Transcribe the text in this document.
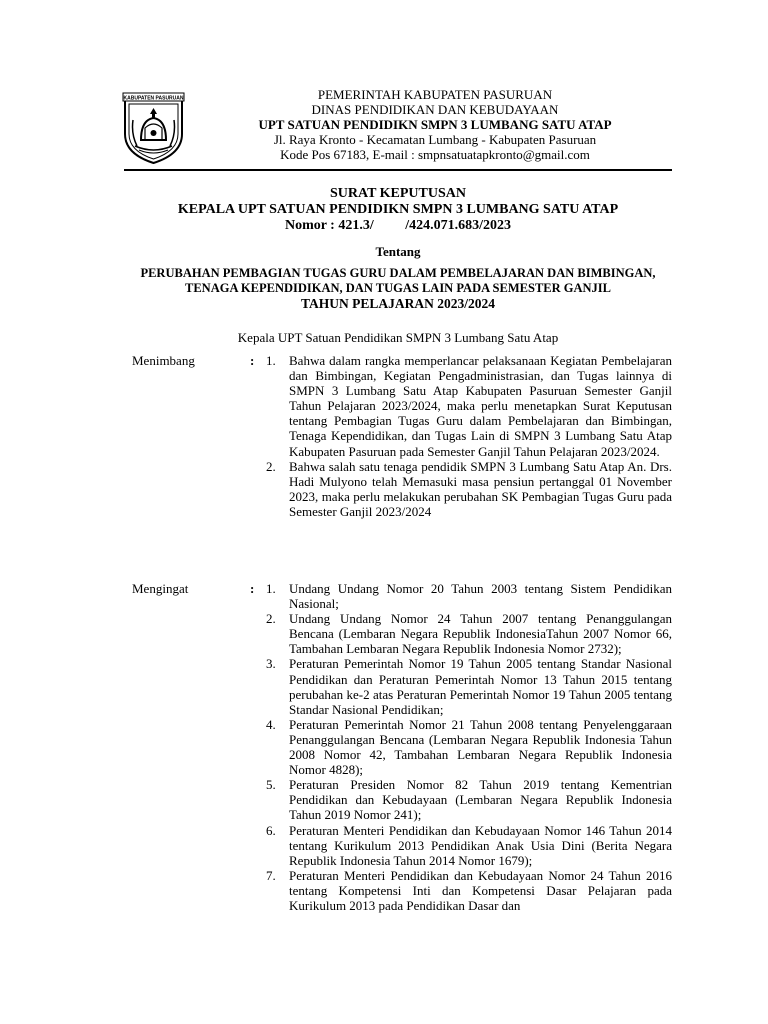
KABUPATEN PASURUAN	PEMERINTAH KABUPATEN PASURUAN
DINAS PENDIDIKAN DAN KEBUDAYAAN
UPT SATUAN PENDIDIKN SMPN 3 LUMBANG SATU ATAP
Jl. Raya Kronto - Kecamatan Lumbang - Kabupaten Pasuruan
Kode Pos 67183, E-mail : smpnsatuatapkronto@gmail.com
SURAT KEPUTUSAN
KEPALA UPT SATUAN PENDIDIKN SMPN 3 LUMBANG SATU ATAP
Nomor : 421.3/         /424.071.683/2023
Tentang
PERUBAHAN PEMBAGIAN TUGAS GURU DALAM PEMBELAJARAN DAN BIMBINGAN,
TENAGA KEPENDIDIKAN, DAN TUGAS LAIN PADA SEMESTER GANJIL
TAHUN PELAJARAN 2023/2024
Kepala UPT Satuan Pendidikan SMPN 3 Lumbang Satu Atap
Menimbang	: 1. Bahwa dalam rangka memperlancar pelaksanaan Kegiatan Pembelajaran dan Bimbingan, Kegiatan Pengadministrasian, dan Tugas lainnya di SMPN 3 Lumbang Satu Atap Kabupaten Pasuruan Semester Ganjil Tahun Pelajaran 2023/2024, maka perlu menetapkan Surat Keputusan tentang Pembagian Tugas Guru dalam Pembelajaran dan Bimbingan, Tenaga Kependidikan, dan Tugas Lain di SMPN 3 Lumbang Satu Atap Kabupaten Pasuruan pada Semester Ganjil Tahun Pelajaran 2023/2024.
2. Bahwa salah satu tenaga pendidik SMPN 3 Lumbang Satu Atap An. Drs. Hadi Mulyono telah Memasuki masa pensiun pertanggal 01 November 2023, maka perlu melakukan perubahan SK Pembagian Tugas Guru pada Semester Ganjil 2023/2024
Mengingat	: 1. Undang Undang Nomor 20 Tahun 2003 tentang Sistem Pendidikan Nasional;
2. Undang Undang Nomor 24 Tahun 2007 tentang Penanggulangan Bencana (Lembaran Negara Republik IndonesiaTahun 2007 Nomor 66, Tambahan Lembaran Negara Republik Indonesia Nomor 2732);
3. Peraturan Pemerintah Nomor 19 Tahun 2005 tentang Standar Nasional Pendidikan dan Peraturan Pemerintah Nomor 13 Tahun 2015 tentang perubahan ke-2 atas Peraturan Pemerintah Nomor 19 Tahun 2005 tentang Standar Nasional Pendidikan;
4. Peraturan Pemerintah Nomor 21 Tahun 2008 tentang Penyelenggaraan Penanggulangan Bencana (Lembaran Negara Republik Indonesia Tahun 2008 Nomor 42, Tambahan Lembaran Negara Republik Indonesia Nomor 4828);
5. Peraturan Presiden Nomor 82 Tahun 2019 tentang Kementrian Pendidikan dan Kebudayaan (Lembaran Negara Republik Indonesia Tahun 2019 Nomor 241);
6. Peraturan Menteri Pendidikan dan Kebudayaan Nomor 146 Tahun 2014 tentang Kurikulum 2013 Pendidikan Anak Usia Dini (Berita Negara Republik Indonesia Tahun 2014 Nomor 1679);
7. Peraturan Menteri Pendidikan dan Kebudayaan Nomor 24 Tahun 2016 tentang Kompetensi Inti dan Kompetensi Dasar Pelajaran pada Kurikulum 2013 pada Pendidikan Dasar dan
